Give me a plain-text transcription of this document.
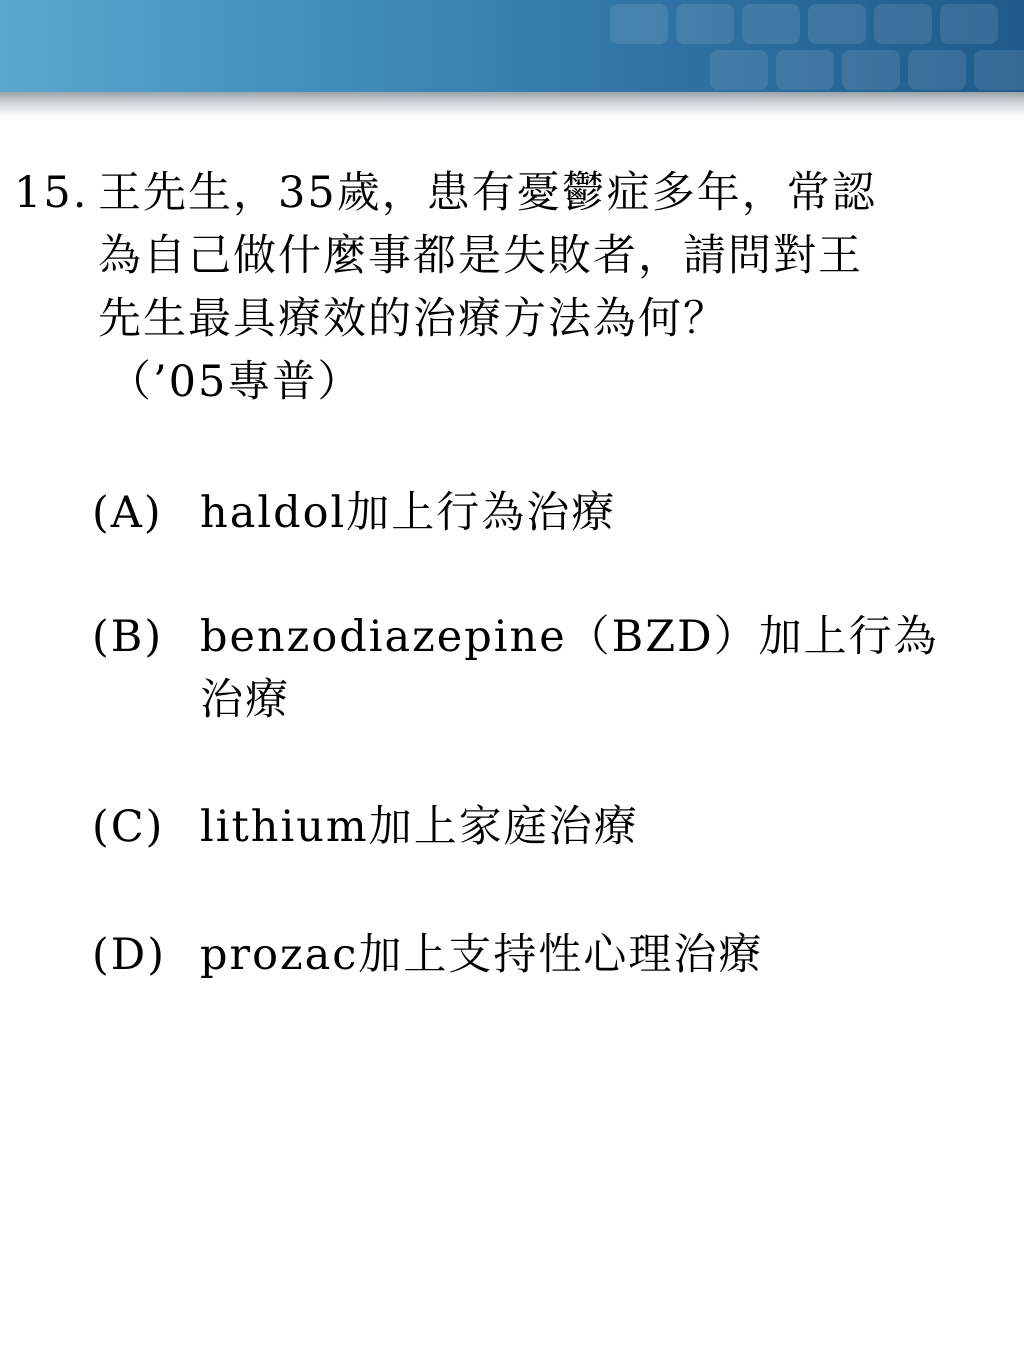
15. 王先生，35歲，患有憂鬱症多年，常認
為自己做什麼事都是失敗者，請問對王
先生最具療效的治療方法為何？
（’05專普）
(A) haldol加上行為治療
(B) benzodiazepine（BZD）加上行為
治療
(C) lithium加上家庭治療
(D) prozac加上支持性心理治療
